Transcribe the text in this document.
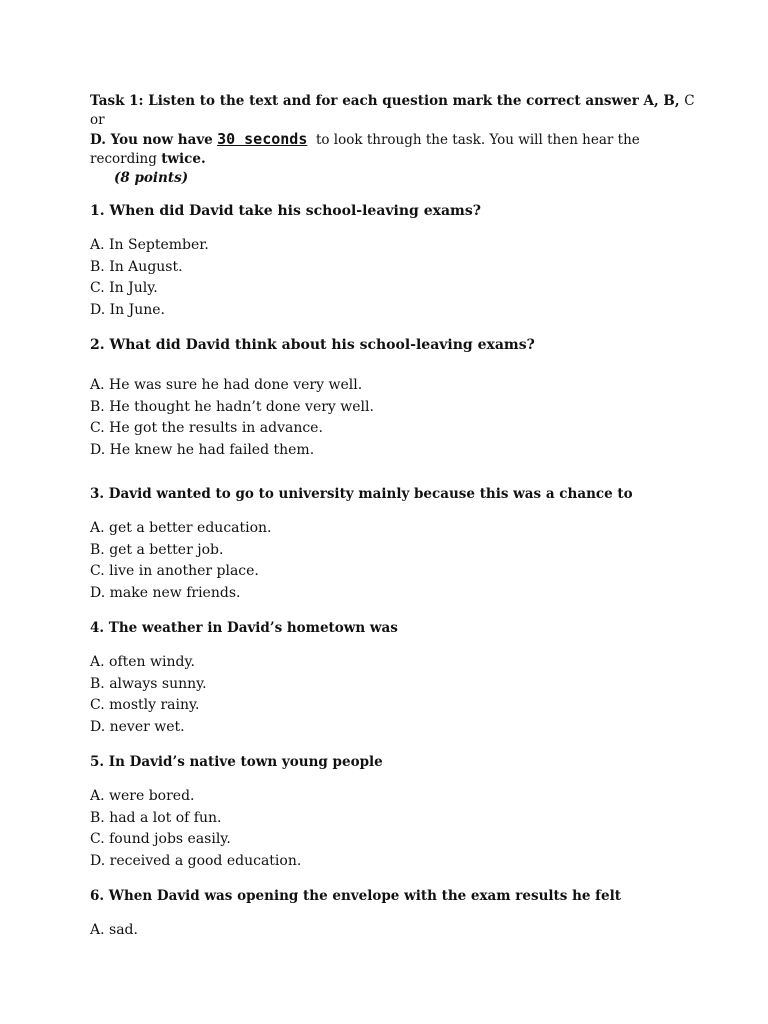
Task 1: Listen to the text and for each question mark the correct answer A, B, C or
D. You now have 30 seconds  to look through the task. You will then hear the recording twice.
(8 points)

1. When did David take his school-leaving exams?

A. In September.
B. In August.
C. In July.
D. In June.

2. What did David think about his school-leaving exams?

A. He was sure he had done very well.
B. He thought he hadn’t done very well.
C. He got the results in advance.
D. He knew he had failed them.

3. David wanted to go to university mainly because this was a chance to

A. get a better education.
B. get a better job.
C. live in another place.
D. make new friends.

4. The weather in David’s hometown was

A. often windy.
B. always sunny.
C. mostly rainy.
D. never wet.

5. In David’s native town young people

A. were bored.
B. had a lot of fun.
C. found jobs easily.
D. received a good education.

6. When David was opening the envelope with the exam results he felt

A. sad.
